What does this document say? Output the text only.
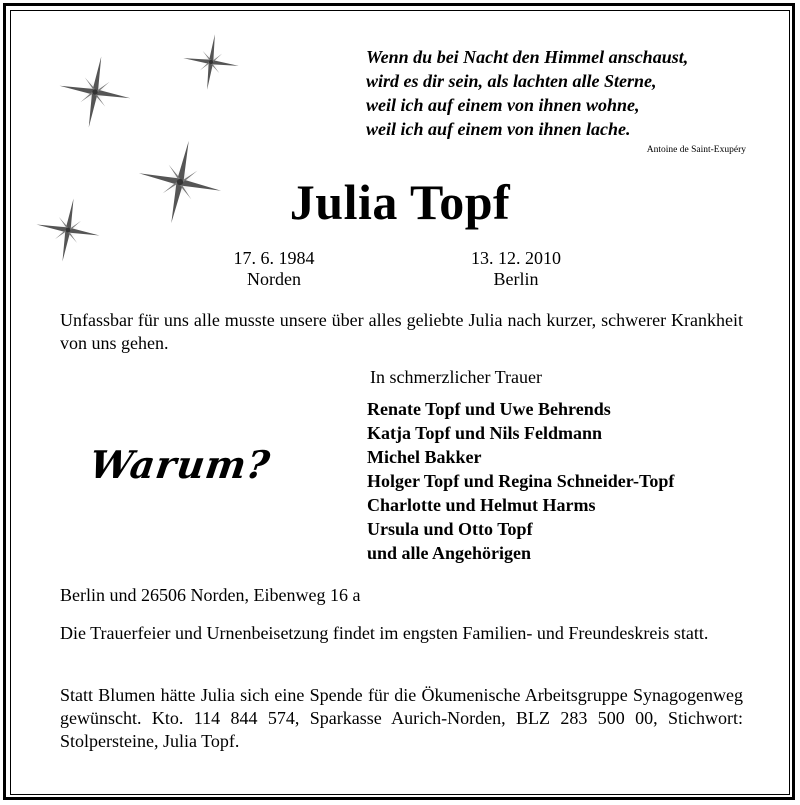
Wenn du bei Nacht den Himmel anschaust,
wird es dir sein, als lachten alle Sterne,
weil ich auf einem von ihnen wohne,
weil ich auf einem von ihnen lache.
Antoine de Saint-Exupéry
Julia Topf
17. 6. 1984
Norden
13. 12. 2010
Berlin

Unfassbar für uns alle musste unsere über alles geliebte Julia nach kurzer, schwerer Krankheit von uns gehen.

In schmerzlicher Trauer
Renate Topf und Uwe Behrends
Katja Topf und Nils Feldmann
Michel Bakker
Holger Topf und Regina Schneider-Topf
Charlotte und Helmut Harms
Ursula und Otto Topf
und alle Angehörigen
Warum?

Berlin und 26506 Norden, Eibenweg 16 a

Die Trauerfeier und Urnenbeisetzung findet im engsten Familien- und Freundeskreis statt.

Statt Blumen hätte Julia sich eine Spende für die Ökumenische Arbeitsgruppe Synagogenweg gewünscht. Kto. 114 844 574, Sparkasse Aurich-Norden, BLZ 283 500 00, Stichwort: Stolpersteine, Julia Topf.
